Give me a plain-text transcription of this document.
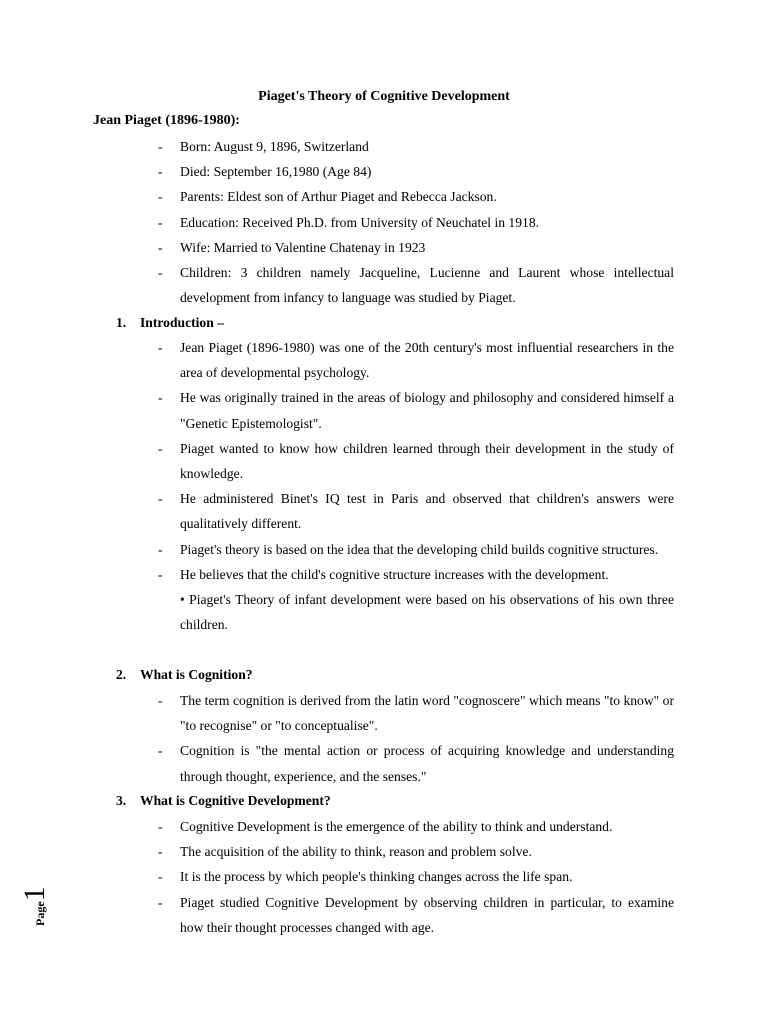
Piaget's Theory of Cognitive Development
Jean Piaget (1896-1980):
- Born: August 9, 1896, Switzerland
- Died: September 16,1980 (Age 84)
- Parents: Eldest son of Arthur Piaget and Rebecca Jackson.
- Education: Received Ph.D. from University of Neuchatel in 1918.
- Wife: Married to Valentine Chatenay in 1923
- Children: 3 children namely Jacqueline, Lucienne and Laurent whose intellectual development from infancy to language was studied by Piaget.
1. Introduction –
- Jean Piaget (1896-1980) was one of the 20th century's most influential researchers in the area of developmental psychology.
- He was originally trained in the areas of biology and philosophy and considered himself a "Genetic Epistemologist".
- Piaget wanted to know how children learned through their development in the study of knowledge.
- He administered Binet's IQ test in Paris and observed that children's answers were qualitatively different.
- Piaget's theory is based on the idea that the developing child builds cognitive structures.
- He believes that the child's cognitive structure increases with the development.
• Piaget's Theory of infant development were based on his observations of his own three children.
2. What is Cognition?
- The term cognition is derived from the latin word "cognoscere" which means "to know" or "to recognise" or "to conceptualise".
- Cognition is "the mental action or process of acquiring knowledge and understanding through thought, experience, and the senses."
3. What is Cognitive Development?
- Cognitive Development is the emergence of the ability to think and understand.
- The acquisition of the ability to think, reason and problem solve.
- It is the process by which people's thinking changes across the life span.
- Piaget studied Cognitive Development by observing children in particular, to examine how their thought processes changed with age.
Page1
